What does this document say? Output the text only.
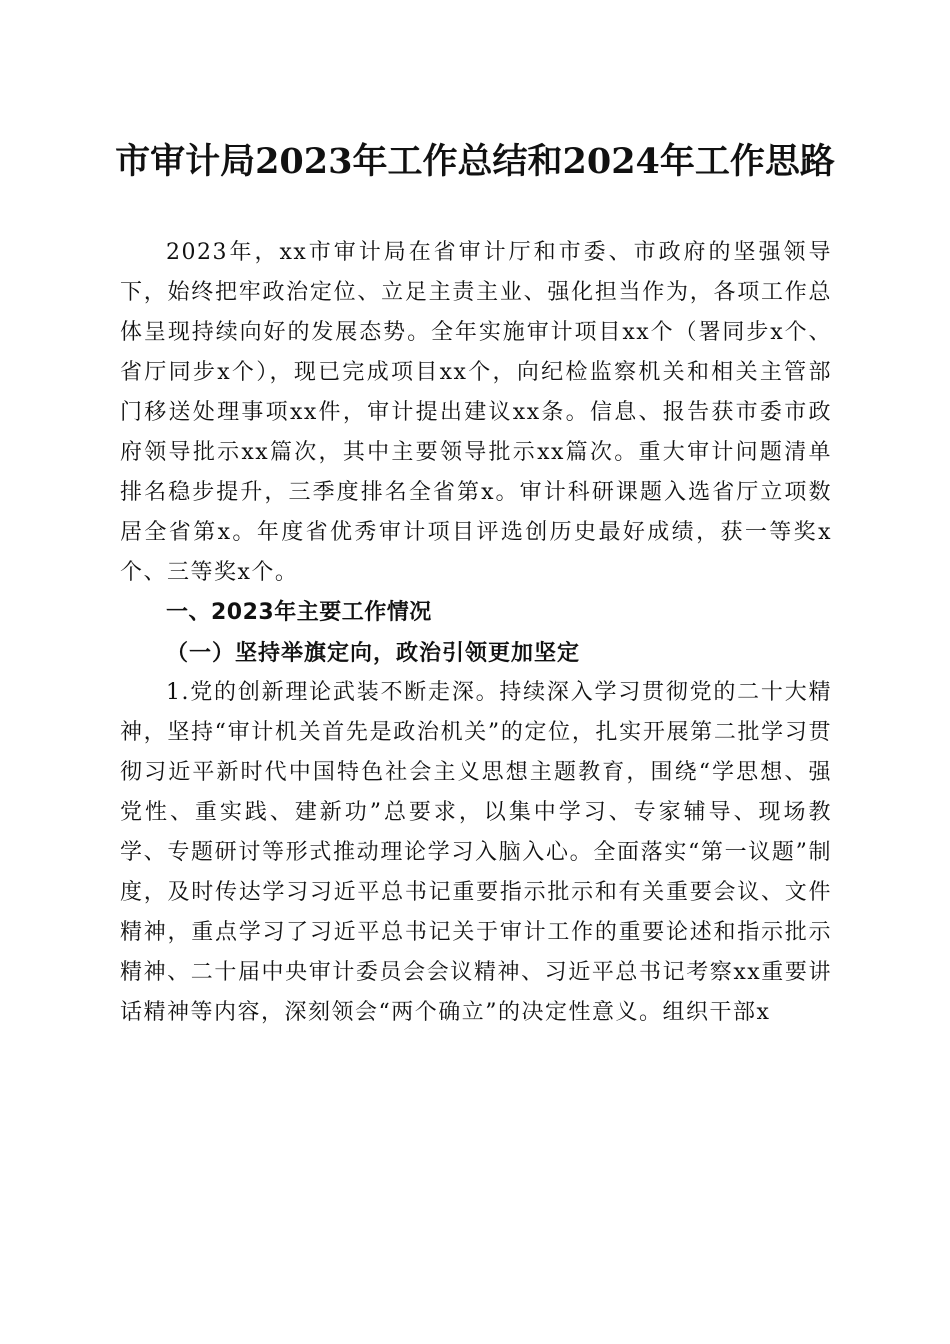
市审计局2023年工作总结和2024年工作思路

2023年，xx市审计局在省审计厅和市委、市政府的坚强领导下，始终把牢政治定位、立足主责主业、强化担当作为，各项工作总体呈现持续向好的发展态势。全年实施审计项目xx个（署同步x个、省厅同步x个），现已完成项目xx个，向纪检监察机关和相关主管部门移送处理事项xx件，审计提出建议xx条。信息、报告获市委市政府领导批示xx篇次，其中主要领导批示xx篇次。重大审计问题清单排名稳步提升，三季度排名全省第x。审计科研课题入选省厅立项数居全省第x。年度省优秀审计项目评选创历史最好成绩，获一等奖x个、三等奖x个。

一、2023年主要工作情况

（一）坚持举旗定向，政治引领更加坚定

1.党的创新理论武装不断走深。持续深入学习贯彻党的二十大精神，坚持“审计机关首先是政治机关”的定位，扎实开展第二批学习贯彻习近平新时代中国特色社会主义思想主题教育，围绕“学思想、强党性、重实践、建新功”总要求，以集中学习、专家辅导、现场教学、专题研讨等形式推动理论学习入脑入心。全面落实“第一议题”制度，及时传达学习习近平总书记重要指示批示和有关重要会议、文件精神，重点学习了习近平总书记关于审计工作的重要论述和指示批示精神、二十届中央审计委员会会议精神、习近平总书记考察xx重要讲话精神等内容，深刻领会“两个确立”的决定性意义。组织干部x
